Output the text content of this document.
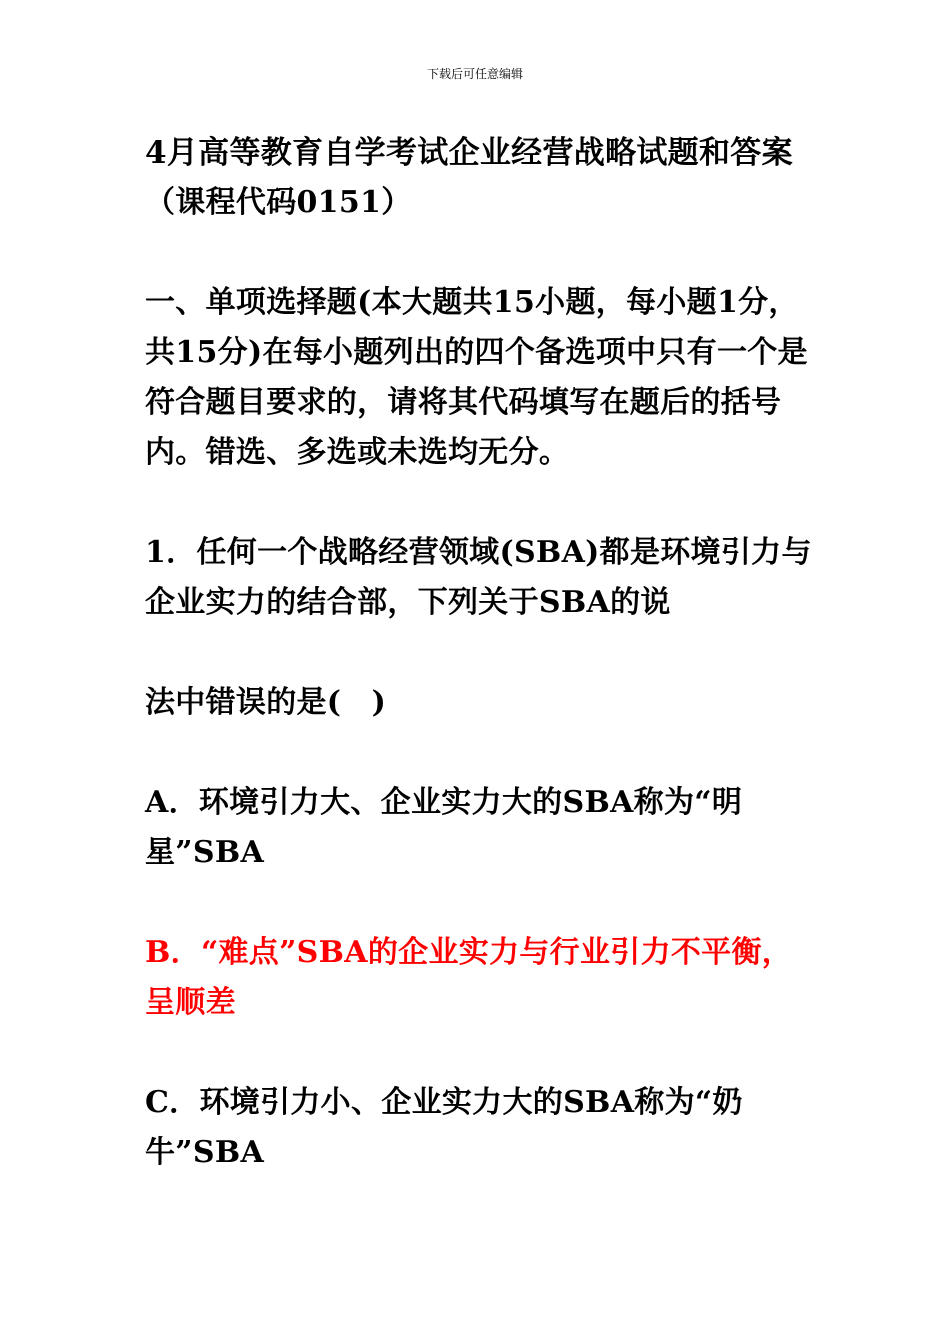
下载后可任意编辑

4月高等教育自学考试企业经营战略试题和答案

（课程代码0151）

一、单项选择题(本大题共15小题，每小题1分，共15分)在每小题列出的四个备选项中只有一个是符合题目要求的，请将其代码填写在题后的括号内。错选、多选或未选均无分。

1．任何一个战略经营领域(SBA)都是环境引力与企业实力的结合部，下列关于SBA的说

法中错误的是(　)

A．环境引力大、企业实力大的SBA称为“明星”SBA

B．“难点”SBA的企业实力与行业引力不平衡，呈顺差

C．环境引力小、企业实力大的SBA称为“奶牛”SBA
